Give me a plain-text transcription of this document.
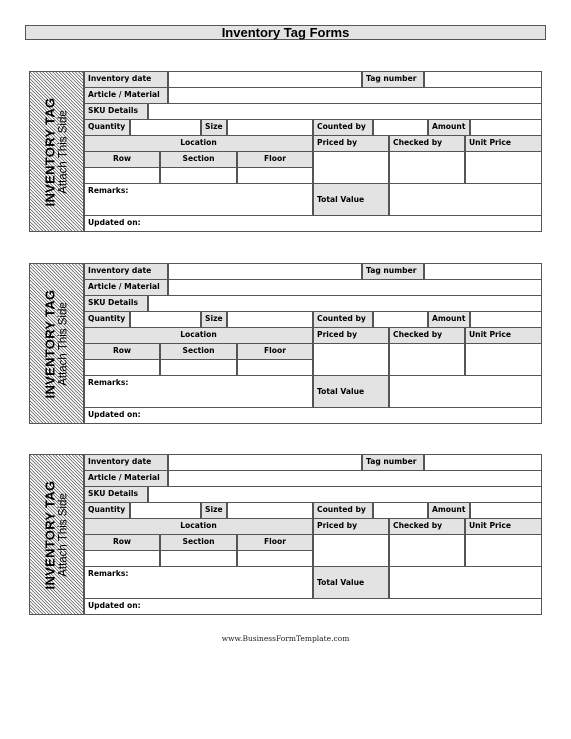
Inventory Tag Forms
INVENTORY TAG Attach This Side
Inventory date	Tag number
Article / Material
SKU Details
Quantity	Size	Counted by	Amount
Location	Priced by	Checked by	Unit Price
Row	Section	Floor
Remarks:
Total Value
Updated on:
INVENTORY TAG Attach This Side
Inventory date	Tag number
Article / Material
SKU Details
Quantity	Size	Counted by	Amount
Location	Priced by	Checked by	Unit Price
Row	Section	Floor
Remarks:
Total Value
Updated on:
INVENTORY TAG Attach This Side
Inventory date	Tag number
Article / Material
SKU Details
Quantity	Size	Counted by	Amount
Location	Priced by	Checked by	Unit Price
Row	Section	Floor
Remarks:
Total Value
Updated on:
www.BusinessFormTemplate.com
